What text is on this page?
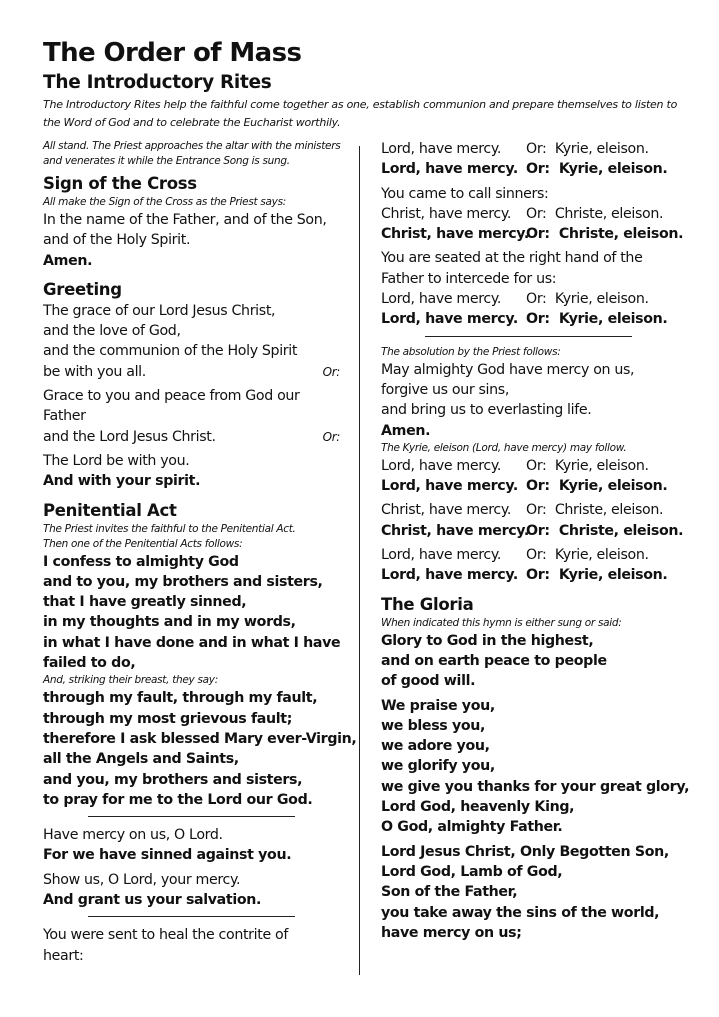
The Order of Mass
The Introductory Rites

The Introductory Rites help the faithful come together as one, establish communion and prepare themselves to listen to the Word of God and to celebrate the Eucharist worthily.

All stand. The Priest approaches the altar with the ministers
and venerates it while the Entrance Song is sung.
Sign of the Cross
All make the Sign of the Cross as the Priest says:
In the name of the Father, and of the Son,
and of the Holy Spirit.
Amen.
Greeting
The grace of our Lord Jesus Christ,
and the love of God,
and the communion of the Holy Spirit
be with you all.	Or:
Grace to you and peace from God our
Father
and the Lord Jesus Christ.	Or:
The Lord be with you.
And with your spirit.
Penitential Act
The Priest invites the faithful to the Penitential Act.
Then one of the Penitential Acts follows:
I confess to almighty God
and to you, my brothers and sisters,
that I have greatly sinned,
in my thoughts and in my words,
in what I have done and in what I have
failed to do,
And, striking their breast, they say:
through my fault, through my fault,
through my most grievous fault;
therefore I ask blessed Mary ever-Virgin,
all the Angels and Saints,
and you, my brothers and sisters,
to pray for me to the Lord our God.
Have mercy on us, O Lord.
For we have sinned against you.
Show us, O Lord, your mercy.
And grant us your salvation.
You were sent to heal the contrite of
heart:
Lord, have mercy. Or: Kyrie, eleison.
Lord, have mercy. Or: Kyrie, eleison.
You came to call sinners:
Christ, have mercy. Or: Christe, eleison.
Christ, have mercy.
Or: Christe, eleison.
You are seated at the right hand of the
Father to intercede for us:
Lord, have mercy. Or: Kyrie, eleison.
Lord, have mercy. Or: Kyrie, eleison.
The absolution by the Priest follows:
May almighty God have mercy on us,
forgive us our sins,
and bring us to everlasting life.
Amen.
The Kyrie, eleison (Lord, have mercy) may follow.
Lord, have mercy. Or: Kyrie, eleison.
Lord, have mercy. Or: Kyrie, eleison.
Christ, have mercy. Or: Christe, eleison.
Christ, have mercy.
Or: Christe, eleison.
Lord, have mercy. Or: Kyrie, eleison.
Lord, have mercy. Or: Kyrie, eleison.
The Gloria
When indicated this hymn is either sung or said:
Glory to God in the highest,
and on earth peace to people
of good will.
We praise you,
we bless you,
we adore you,
we glorify you,
we give you thanks for your great glory,
Lord God, heavenly King,
O God, almighty Father.
Lord Jesus Christ, Only Begotten Son,
Lord God, Lamb of God,
Son of the Father,
you take away the sins of the world,
have mercy on us;
